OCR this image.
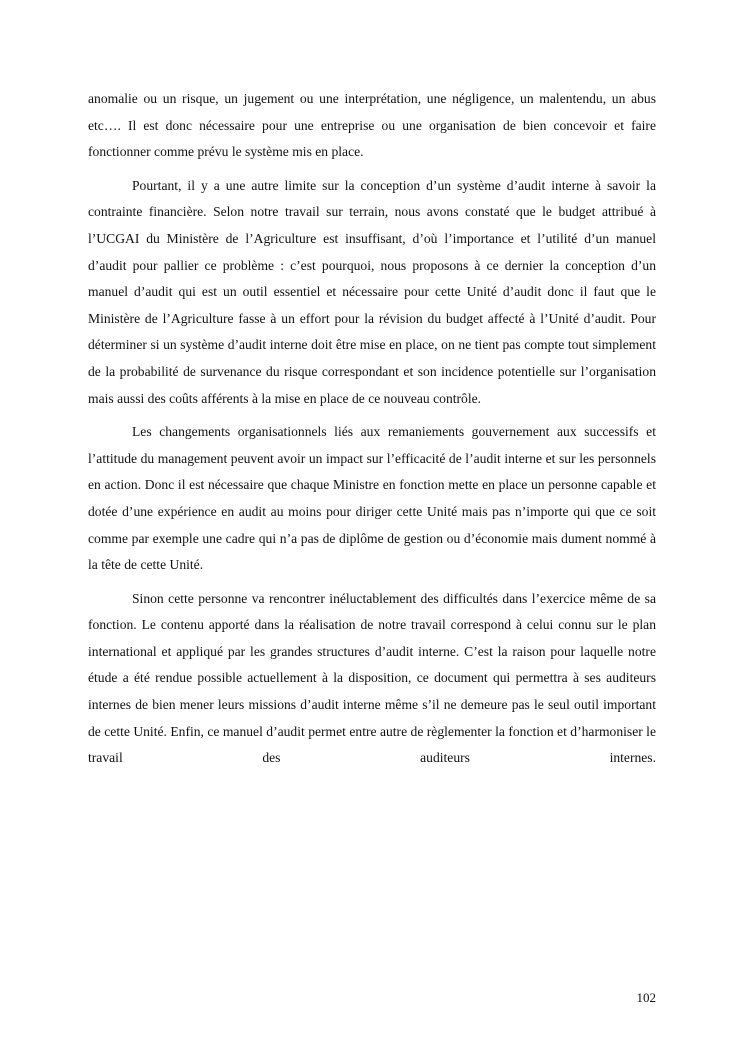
anomalie ou un risque, un jugement ou une interprétation, une négligence, un malentendu, un abus etc…. Il est donc nécessaire pour une entreprise ou une organisation de bien concevoir et faire fonctionner comme prévu le système mis en place.

Pourtant, il y a une autre limite sur la conception d’un système d’audit interne à savoir la contrainte financière. Selon notre travail sur terrain, nous avons constaté que le budget attribué à l’UCGAI du Ministère de l’Agriculture est insuffisant, d’où l’importance et l’utilité d’un manuel d’audit pour pallier ce problème : c’est pourquoi, nous proposons à ce dernier la conception d’un manuel d’audit qui est un outil essentiel et nécessaire pour cette Unité d’audit donc il faut que le Ministère de l’Agriculture fasse à un effort pour la révision du budget affecté à l’Unité d’audit. Pour déterminer si un système d’audit interne doit être mise en place, on ne tient pas compte tout simplement de la probabilité de survenance du risque correspondant et son incidence potentielle sur l’organisation mais aussi des coûts afférents à la mise en place de ce nouveau contrôle.

Les changements organisationnels liés aux remaniements gouvernement aux successifs et l’attitude du management peuvent avoir un impact sur l’efficacité de l’audit interne et sur les personnels en action. Donc il est nécessaire que chaque Ministre en fonction mette en place un personne capable et dotée d’une expérience en audit au moins pour diriger cette Unité mais pas n’importe qui que ce soit comme par exemple une cadre qui n’a pas de diplôme de gestion ou d’économie mais dument nommé à la tête de cette Unité.

Sinon cette personne va rencontrer inéluctablement des difficultés dans l’exercice même de sa fonction. Le contenu apporté dans la réalisation de notre travail correspond à celui connu sur le plan international et appliqué par les grandes structures d’audit interne. C’est la raison pour laquelle notre étude a été rendue possible actuellement à la disposition, ce document qui permettra à ses auditeurs internes de bien mener leurs missions d’audit interne même s’il ne demeure pas le seul outil important de cette Unité. Enfin, ce manuel d’audit permet entre autre de règlementer la fonction et d’harmoniser le travail des auditeurs internes.

102
